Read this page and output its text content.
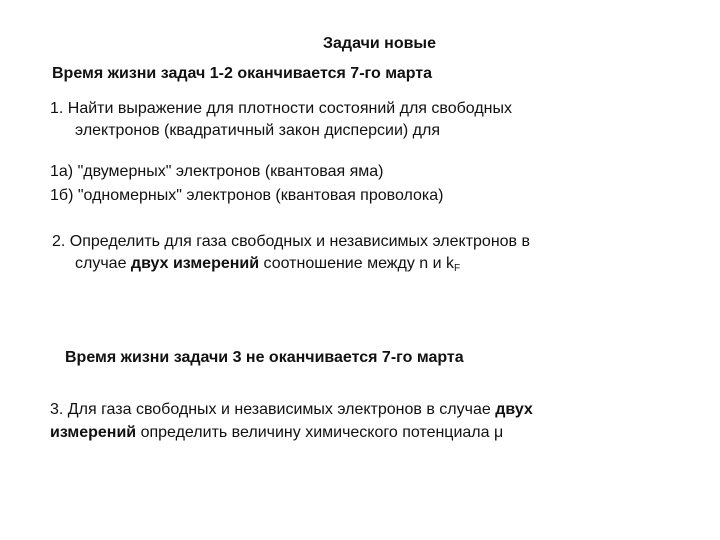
Задачи новые
Время жизни задач 1-2 оканчивается 7-го марта
1. Найти выражение для плотности состояний для свободных
электронов (квадратичный закон дисперсии) для
1а) "двумерных" электронов (квантовая яма)
1б) "одномерных" электронов (квантовая проволока)
2. Определить для газа свободных и независимых электронов в
случае двух измерений соотношение между n и $k_F$
Время жизни задачи 3 не оканчивается 7-го марта
3. Для газа свободных и независимых электронов в случае двух
измерений определить величину химического потенциала μ
